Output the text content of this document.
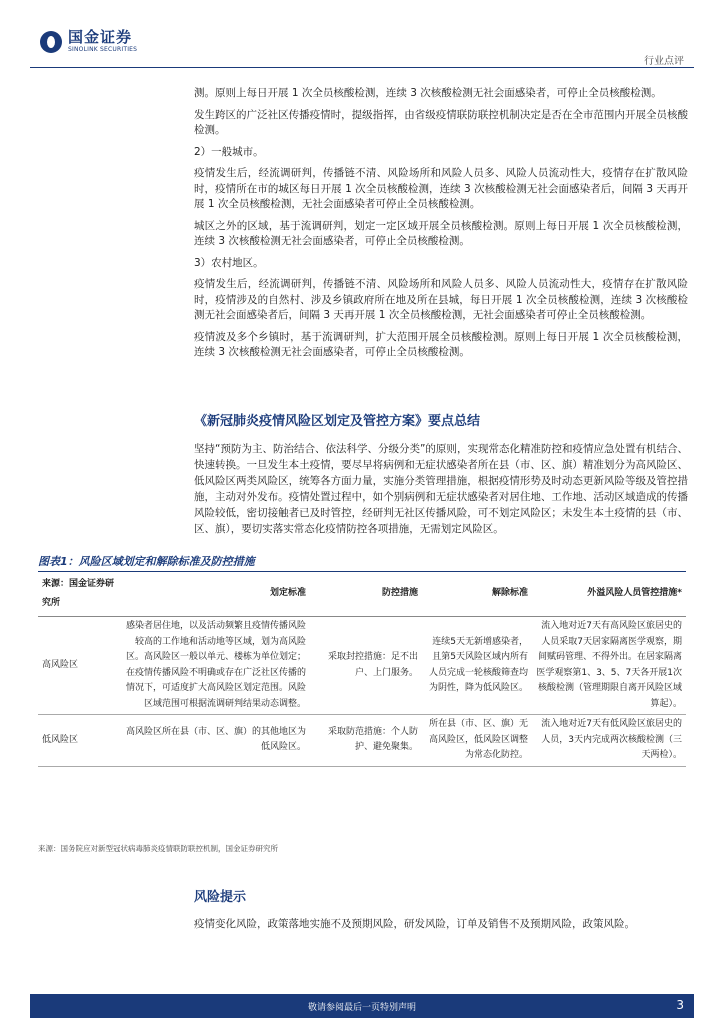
国金证券
SINOLINK SECURITIES
行业点评

测。原则上每日开展 1 次全员核酸检测，连续 3 次核酸检测无社会面感染者，可停止全员核酸检测。

发生跨区的广泛社区传播疫情时，提级指挥，由省级疫情联防联控机制决定是否在全市范围内开展全员核酸检测。

2）一般城市。

疫情发生后，经流调研判，传播链不清、风险场所和风险人员多、风险人员流动性大，疫情存在扩散风险时，疫情所在市的城区每日开展 1 次全员核酸检测，连续 3 次核酸检测无社会面感染者后，间隔 3 天再开展 1 次全员核酸检测，无社会面感染者可停止全员核酸检测。

城区之外的区域，基于流调研判，划定一定区域开展全员核酸检测。原则上每日开展 1 次全员核酸检测，连续 3 次核酸检测无社会面感染者，可停止全员核酸检测。

3）农村地区。

疫情发生后，经流调研判，传播链不清、风险场所和风险人员多、风险人员流动性大，疫情存在扩散风险时，疫情涉及的自然村、涉及乡镇政府所在地及所在县城，每日开展 1 次全员核酸检测，连续 3 次核酸检测无社会面感染者后，间隔 3 天再开展 1 次全员核酸检测，无社会面感染者可停止全员核酸检测。

疫情波及多个乡镇时，基于流调研判，扩大范围开展全员核酸检测。原则上每日开展 1 次全员核酸检测，连续 3 次核酸检测无社会面感染者，可停止全员核酸检测。

《新冠肺炎疫情风险区划定及管控方案》要点总结

坚持“预防为主、防治结合、依法科学、分级分类”的原则，实现常态化精准防控和疫情应急处置有机结合、快速转换。一旦发生本土疫情，要尽早将病例和无症状感染者所在县（市、区、旗）精准划分为高风险区、低风险区两类风险区，统筹各方面力量，实施分类管理措施，根据疫情形势及时动态更新风险等级及管控措施，主动对外发布。疫情处置过程中，如个别病例和无症状感染者对居住地、工作地、活动区域造成的传播风险较低，密切接触者已及时管控，经研判无社区传播风险，可不划定风险区；未发生本土疫情的县（市、区、旗），要切实落实常态化疫情防控各项措施，无需划定风险区。

图表1：风险区域划定和解除标准及防控措施
来源：国金证券研究所	划定标准	防控措施	解除标准	外溢风险人员管控措施*
高风险区	感染者居住地，以及活动频繁且疫情传播风险较高的工作地和活动地等区域，划为高风险区。高风险区一般以单元、楼栋为单位划定；在疫情传播风险不明确或存在广泛社区传播的情况下，可适度扩大高风险区划定范围。风险区域范围可根据流调研判结果动态调整。	采取封控措施：足不出户、上门服务。	连续5天无新增感染者，且第5天风险区域内所有人员完成一轮核酸筛查均为阴性，降为低风险区。	流入地对近7天有高风险区旅居史的人员采取7天居家隔离医学观察，期间赋码管理、不得外出。在居家隔离医学观察第1、3、5、7天各开展1次核酸检测（管理期限自离开风险区域算起）。
低风险区	高风险区所在县（市、区、旗）的其他地区为低风险区。	采取防范措施：个人防护、避免聚集。	所在县（市、区、旗）无高风险区，低风险区调整为常态化防控。	流入地对近7天有低风险区旅居史的人员，3天内完成两次核酸检测（三天两检）。
来源：国务院应对新型冠状病毒肺炎疫情联防联控机制，国金证券研究所
风险提示

疫情变化风险，政策落地实施不及预期风险，研发风险，订单及销售不及预期风险，政策风险。

敬请参阅最后一页特别声明	3
